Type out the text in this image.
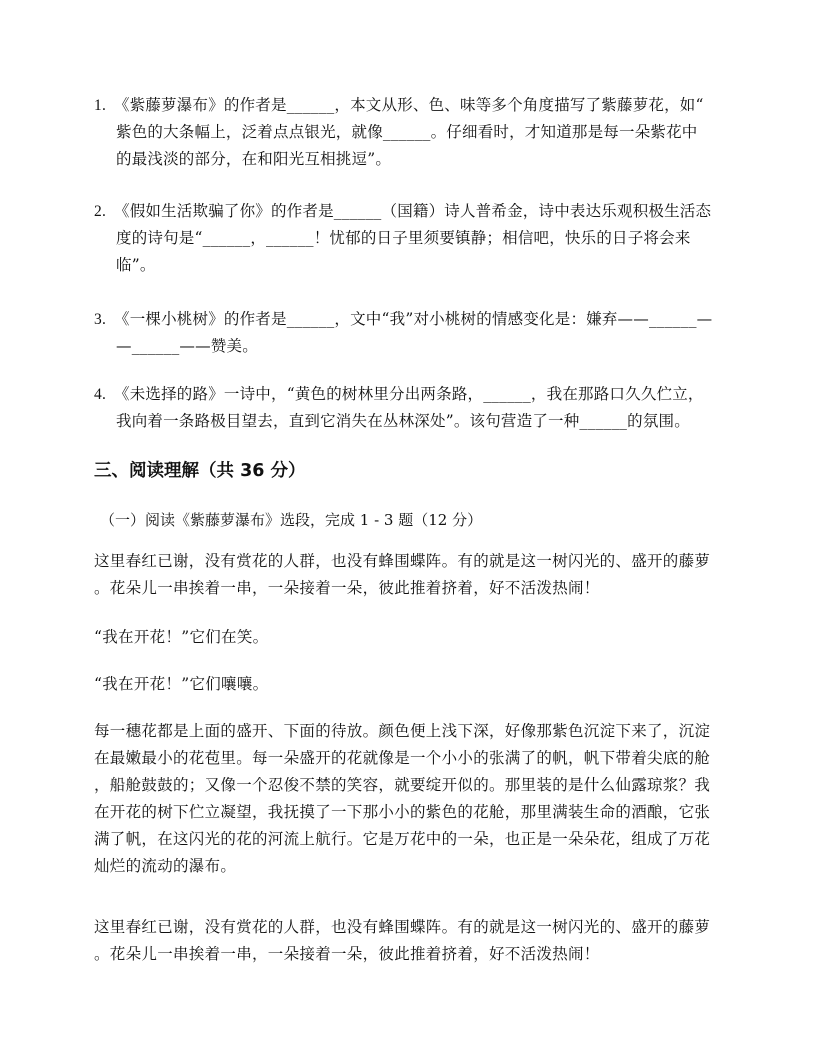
1. 《紫藤萝瀑布》的作者是______，本文从形、色、味等多个角度描写了紫藤萝花，如“
紫色的大条幅上，泛着点点银光，就像______。仔细看时，才知道那是每一朵紫花中
的最浅淡的部分，在和阳光互相挑逗”。
2. 《假如生活欺骗了你》的作者是______（国籍）诗人普希金，诗中表达乐观积极生活态
度的诗句是“______，______！忧郁的日子里须要镇静；相信吧，快乐的日子将会来
临”。
3. 《一棵小桃树》的作者是______，文中“我”对小桃树的情感变化是：嫌弃——______—
—______——赞美。
4. 《未选择的路》一诗中，“黄色的树林里分出两条路，______，我在那路口久久伫立，
我向着一条路极目望去，直到它消失在丛林深处”。该句营造了一种______的氛围。
三、阅读理解（共 36 分）
（一）阅读《紫藤萝瀑布》选段，完成 1 - 3 题（12 分）
这里春红已谢，没有赏花的人群，也没有蜂围蝶阵。有的就是这一树闪光的、盛开的藤萝
。花朵儿一串挨着一串，一朵接着一朵，彼此推着挤着，好不活泼热闹！
“我在开花！”它们在笑。
“我在开花！”它们嚷嚷。
每一穗花都是上面的盛开、下面的待放。颜色便上浅下深，好像那紫色沉淀下来了，沉淀
在最嫩最小的花苞里。每一朵盛开的花就像是一个小小的张满了的帆，帆下带着尖底的舱
，船舱鼓鼓的；又像一个忍俊不禁的笑容，就要绽开似的。那里装的是什么仙露琼浆？我
在开花的树下伫立凝望，我抚摸了一下那小小的紫色的花舱，那里满装生命的酒酿，它张
满了帆，在这闪光的花的河流上航行。它是万花中的一朵，也正是一朵朵花，组成了万花
灿烂的流动的瀑布。
这里春红已谢，没有赏花的人群，也没有蜂围蝶阵。有的就是这一树闪光的、盛开的藤萝
。花朵儿一串挨着一串，一朵接着一朵，彼此推着挤着，好不活泼热闹！
